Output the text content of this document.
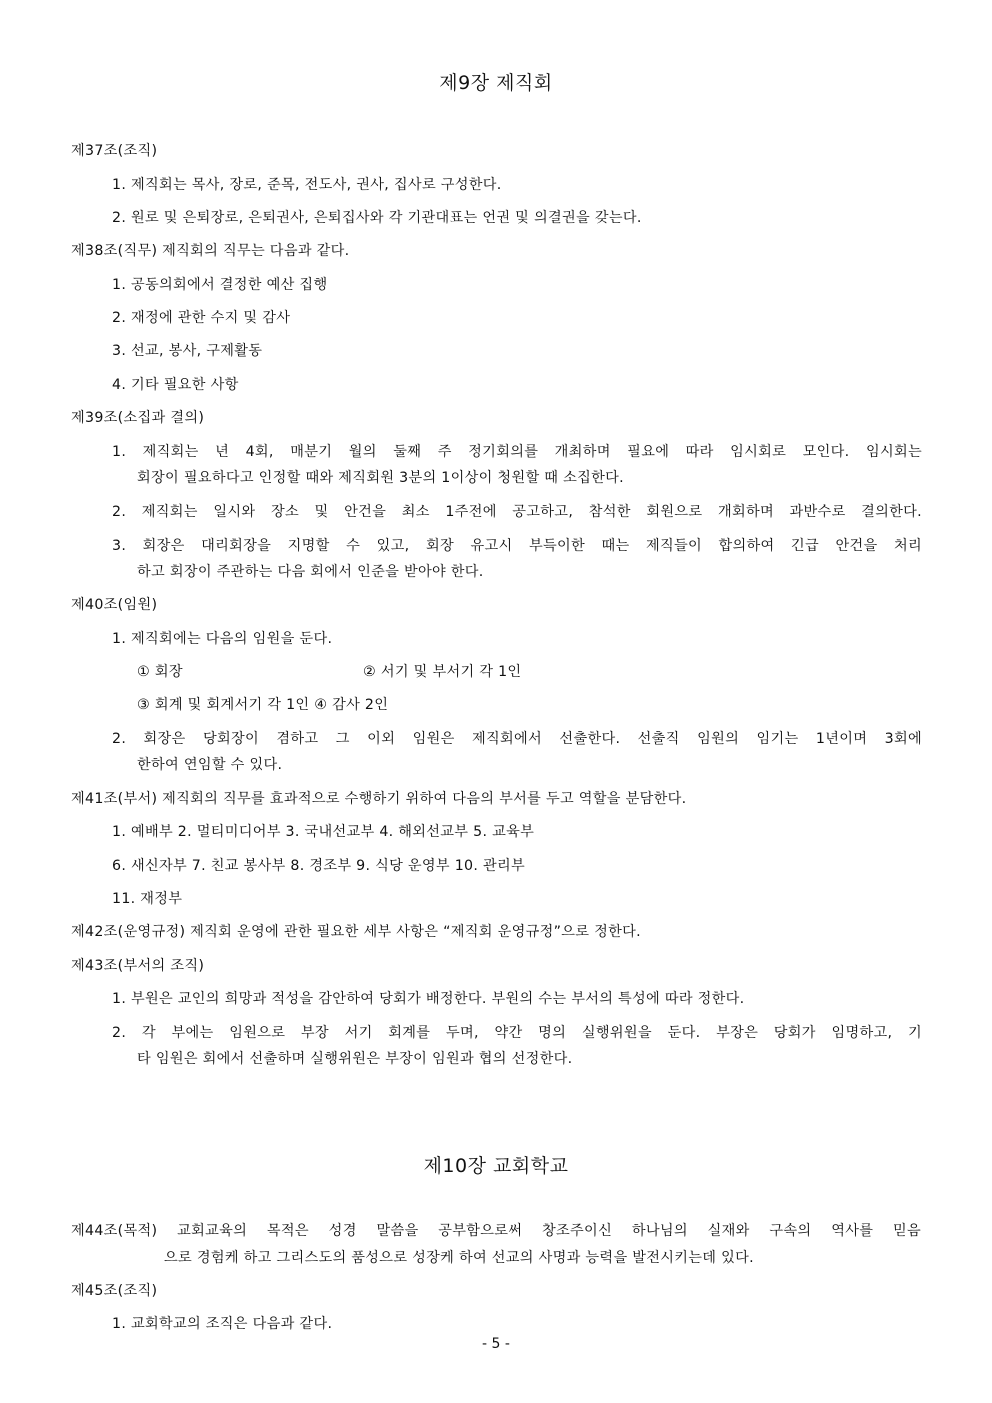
제9장 제직회
제37조(조직)
1. 제직회는 목사, 장로, 준목, 전도사, 권사, 집사로 구성한다.
2. 원로 및 은퇴장로, 은퇴권사, 은퇴집사와 각 기관대표는 언권 및 의결권을 갖는다.
제38조(직무) 제직회의 직무는 다음과 같다.
1. 공동의회에서 결정한 예산 집행
2. 재정에 관한 수지 및 감사
3. 선교, 봉사, 구제활동
4. 기타 필요한 사항
제39조(소집과 결의)
1. 제직회는 년 4회, 매분기 월의 둘째 주 정기회의를 개최하며 필요에 따라 임시회로 모인다. 임시회는
회장이 필요하다고 인정할 때와 제직회원 3분의 1이상이 청원할 때 소집한다.
2. 제직회는 일시와 장소 및 안건을 최소 1주전에 공고하고, 참석한 회원으로 개회하며 과반수로 결의한다.
3. 회장은 대리회장을 지명할 수 있고, 회장 유고시 부득이한 때는 제직들이 합의하여 긴급 안건을 처리
하고 회장이 주관하는 다음 회에서 인준을 받아야 한다.
제40조(임원)
1. 제직회에는 다음의 임원을 둔다.
① 회장	② 서기 및 부서기 각 1인
③ 회계 및 회계서기 각 1인 ④ 감사 2인
2. 회장은 당회장이 겸하고 그 이외 임원은 제직회에서 선출한다. 선출직 임원의 임기는 1년이며 3회에
한하여 연임할 수 있다.
제41조(부서) 제직회의 직무를 효과적으로 수행하기 위하여 다음의 부서를 두고 역할을 분담한다.
1. 예배부 2. 멀티미디어부 3. 국내선교부 4. 해외선교부 5. 교육부
6. 새신자부 7. 친교 봉사부 8. 경조부 9. 식당 운영부 10. 관리부
11. 재정부
제42조(운영규정) 제직회 운영에 관한 필요한 세부 사항은 “제직회 운영규정”으로 정한다.
제43조(부서의 조직)
1. 부원은 교인의 희망과 적성을 감안하여 당회가 배정한다. 부원의 수는 부서의 특성에 따라 정한다.
2. 각 부에는 임원으로 부장 서기 회계를 두며, 약간 명의 실행위원을 둔다. 부장은 당회가 임명하고, 기
타 임원은 회에서 선출하며 실행위원은 부장이 임원과 협의 선정한다.
제10장 교회학교
제44조(목적) 교회교육의 목적은 성경 말씀을 공부함으로써 창조주이신 하나님의 실재와 구속의 역사를 믿음
으로 경험케 하고 그리스도의 품성으로 성장케 하여 선교의 사명과 능력을 발전시키는데 있다.
제45조(조직)
1. 교회학교의 조직은 다음과 같다.
- 5 -
